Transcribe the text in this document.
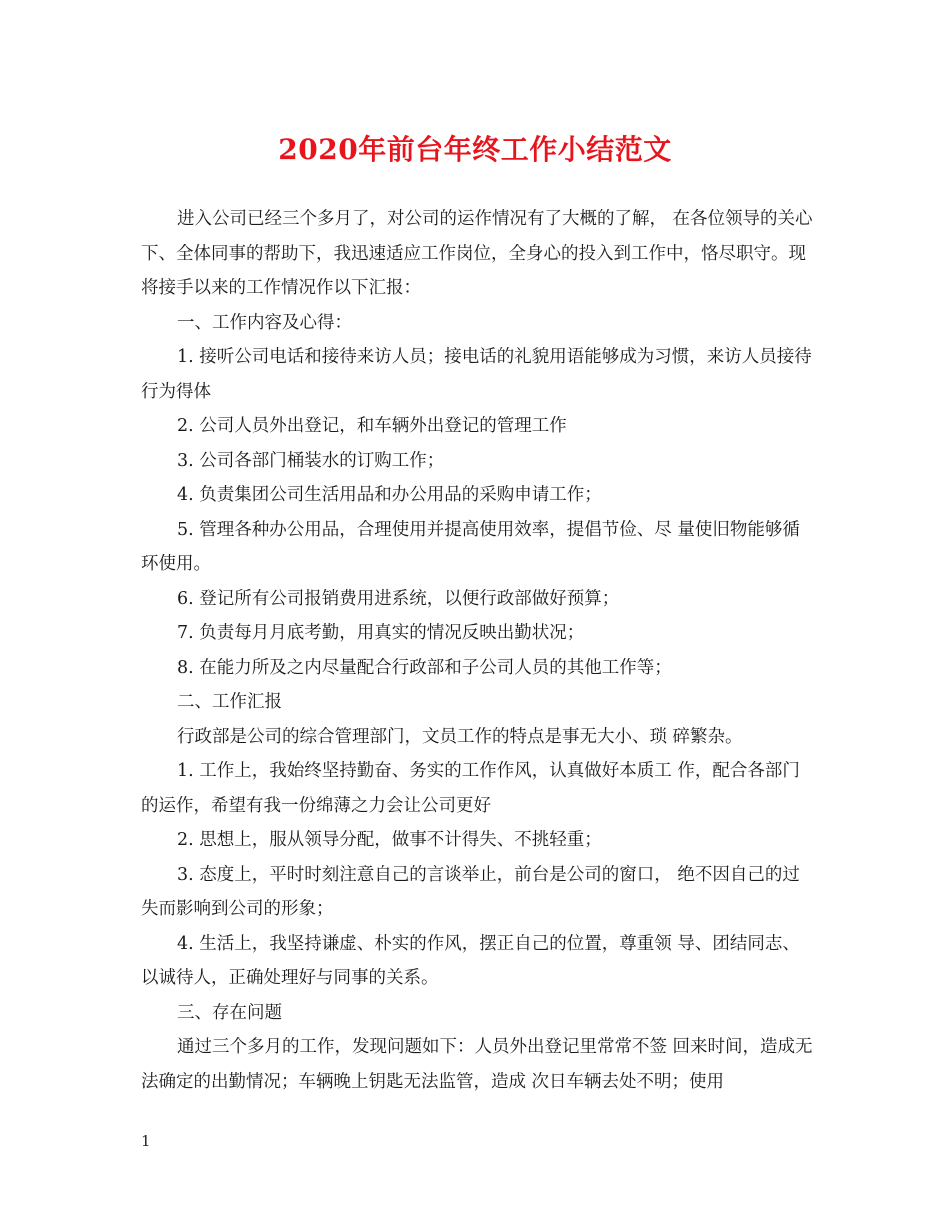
2020年前台年终工作小结范文

进入公司已经三个多月了，对公司的运作情况有了大概的了解， 在各位领导的关心下、全体同事的帮助下，我迅速适应工作岗位，全身心的投入到工作中，恪尽职守。现将接手以来的工作情况作以下汇报：

一、工作内容及心得：

1. 接听公司电话和接待来访人员；接电话的礼貌用语能够成为习惯，来访人员接待行为得体

2. 公司人员外出登记，和车辆外出登记的管理工作

3. 公司各部门桶装水的订购工作；

4. 负责集团公司生活用品和办公用品的采购申请工作；

5. 管理各种办公用品，合理使用并提高使用效率，提倡节俭、尽 量使旧物能够循环使用。

6. 登记所有公司报销费用进系统，以便行政部做好预算；

7. 负责每月月底考勤，用真实的情况反映出勤状况；

8. 在能力所及之内尽量配合行政部和子公司人员的其他工作等；

二、工作汇报

行政部是公司的综合管理部门，文员工作的特点是事无大小、琐 碎繁杂。

1. 工作上，我始终坚持勤奋、务实的工作作风，认真做好本质工 作，配合各部门的运作，希望有我一份绵薄之力会让公司更好

2. 思想上，服从领导分配，做事不计得失、不挑轻重；

3. 态度上，平时时刻注意自己的言谈举止，前台是公司的窗口， 绝不因自己的过失而影响到公司的形象；

4. 生活上，我坚持谦虚、朴实的作风，摆正自己的位置，尊重领 导、团结同志、以诚待人，正确处理好与同事的关系。

三、存在问题

通过三个多月的工作，发现问题如下：人员外出登记里常常不签 回来时间，造成无法确定的出勤情况；车辆晚上钥匙无法监管，造成 次日车辆去处不明；使用

1
